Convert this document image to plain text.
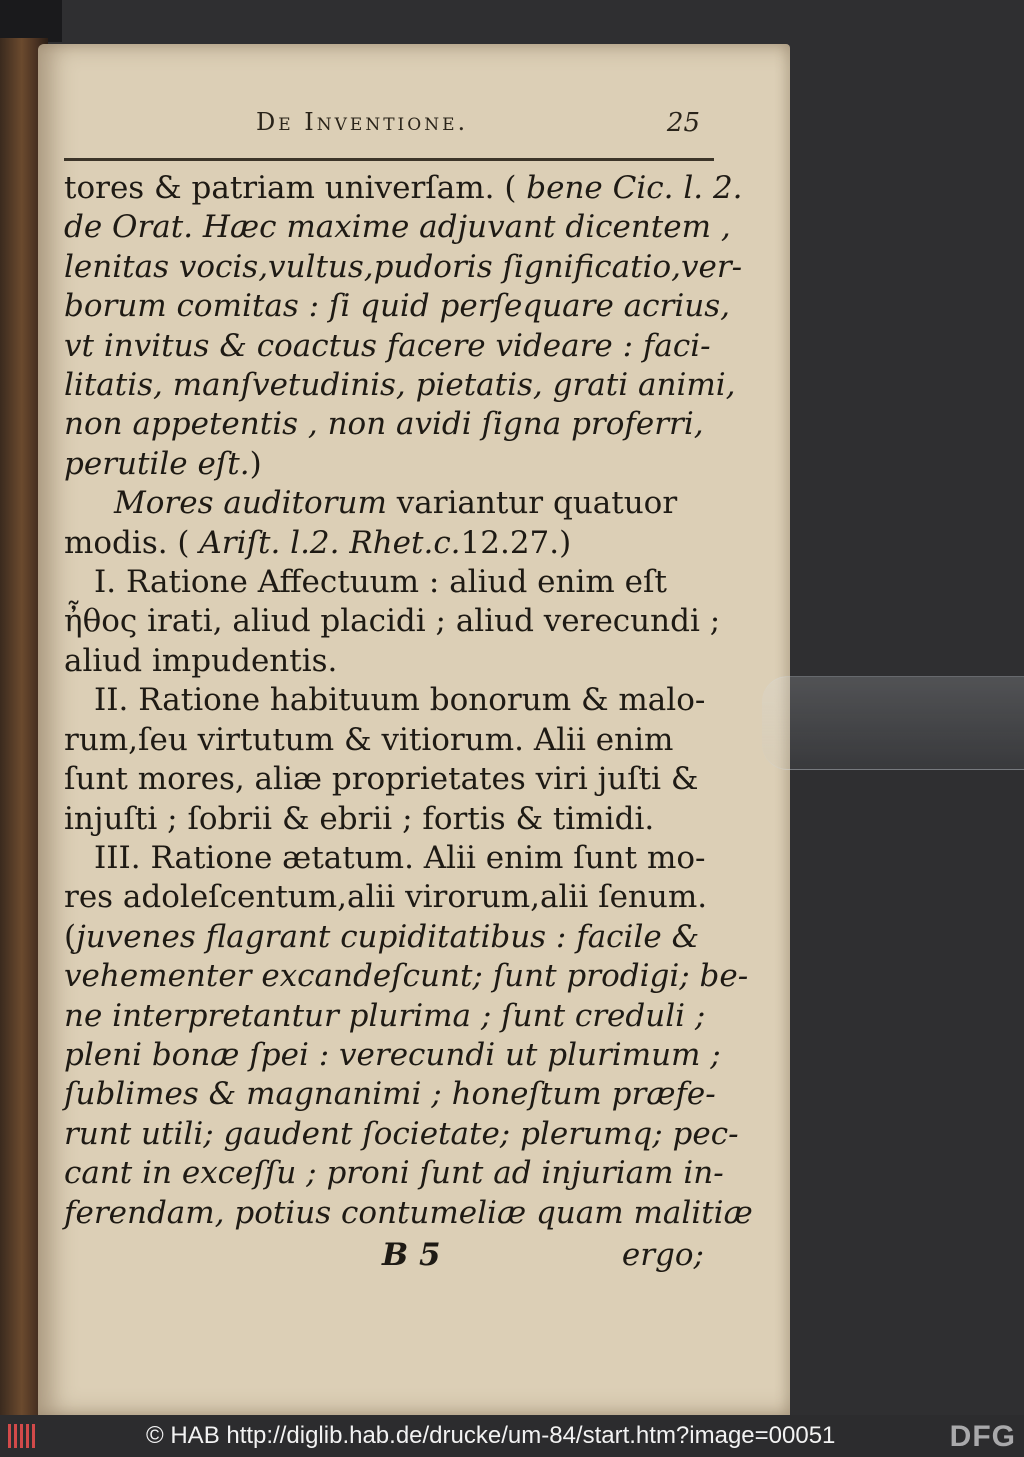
De Inventione.	25
tores & patriam univerſam. ( bene Cic. l. 2.
de Orat. Hæc maxime adjuvant dicentem ,
lenitas vocis,vultus,pudoris ſignificatio,ver-
borum comitas : ſi quid perſequare acrius,
vt invitus & coactus facere videare : faci-
litatis, manſvetudinis, pietatis, grati animi,
non appetentis , non avidi ſigna proferri,
perutile eſt.)
Mores auditorum variantur quatuor
modis. ( Ariſt. l.2. Rhet.c.12.27.)
I. Ratione Affectuum : aliud enim eſt
ἦθος irati, aliud placidi ; aliud verecundi ;
aliud impudentis.
II. Ratione habituum bonorum & malo-
rum,ſeu virtutum & vitiorum. Alii enim
ſunt mores, aliæ proprietates viri juſti &
injuſti ; ſobrii & ebrii ; fortis & timidi.
III. Ratione ætatum. Alii enim ſunt mo-
res adoleſcentum,alii virorum,alii ſenum.
(juvenes flagrant cupiditatibus : facile &
vehementer excandeſcunt; ſunt prodigi; be-
ne interpretantur plurima ; ſunt creduli ;
pleni bonæ ſpei : verecundi ut plurimum ;
ſublimes & magnanimi ; honeſtum præfe-
runt utili; gaudent ſocietate; plerumq; pec-
cant in exceſſu ; proni ſunt ad injuriam in-
ferendam, potius contumeliæ quam malitiæ
B 5	ergo;
© HAB http://diglib.hab.de/drucke/um-84/start.htm?image=00051	DFG
